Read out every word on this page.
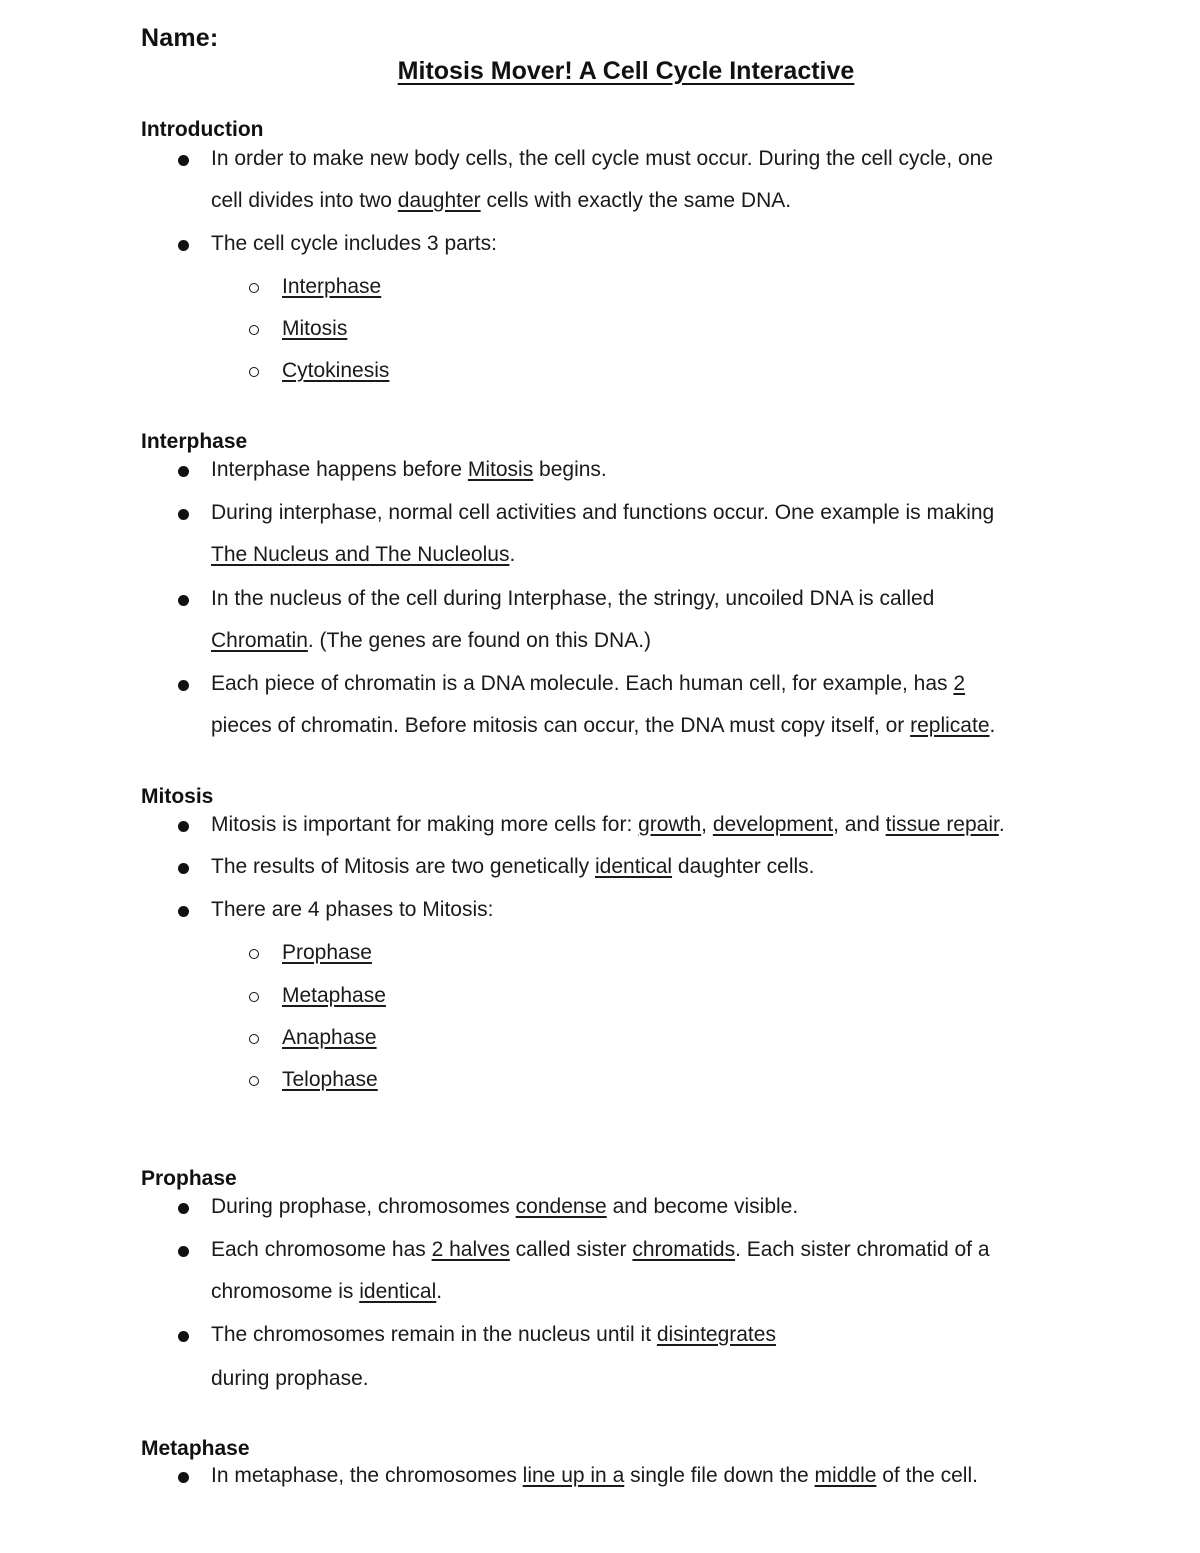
Name:
Mitosis Mover! A Cell Cycle Interactive
Introduction
In order to make new body cells, the cell cycle must occur. During the cell cycle, one
cell divides into two daughter cells with exactly the same DNA.
The cell cycle includes 3 parts:
Interphase
Mitosis
Cytokinesis
Interphase
Interphase happens before Mitosis begins.
During interphase, normal cell activities and functions occur. One example is making
The Nucleus and The Nucleolus.
In the nucleus of the cell during Interphase, the stringy, uncoiled DNA is called
Chromatin. (The genes are found on this DNA.)
Each piece of chromatin is a DNA molecule. Each human cell, for example, has 2
pieces of chromatin. Before mitosis can occur, the DNA must copy itself, or replicate.
Mitosis
Mitosis is important for making more cells for: growth, development, and tissue repair.
The results of Mitosis are two genetically identical daughter cells.
There are 4 phases to Mitosis:
Prophase
Metaphase
Anaphase
Telophase
Prophase
During prophase, chromosomes condense and become visible.
Each chromosome has 2 halves called sister chromatids. Each sister chromatid of a
chromosome is identical.
The chromosomes remain in the nucleus until it disintegrates
during prophase.
Metaphase
In metaphase, the chromosomes line up in a single file down the middle of the cell.
